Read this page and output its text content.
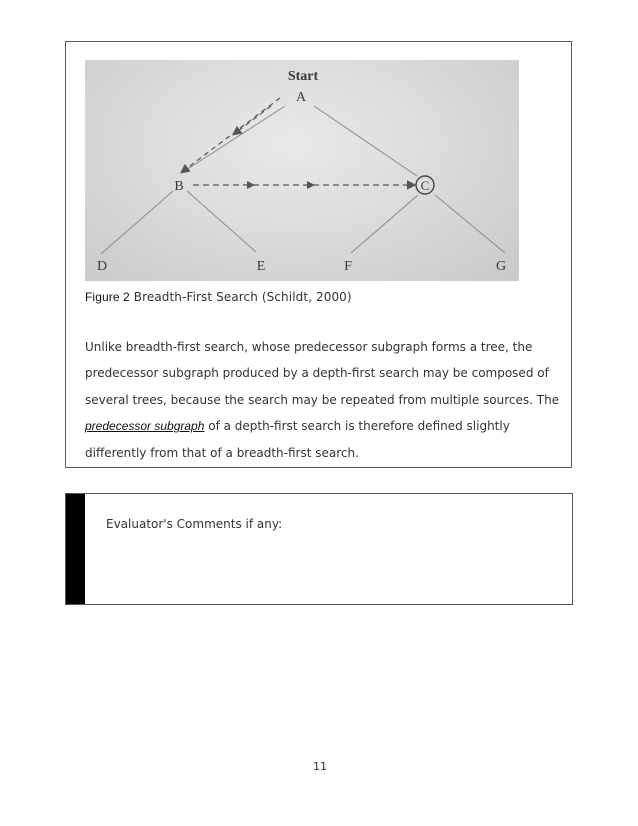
Start
A
B	C
D	E	F	G
Figure 2 Breadth-First Search (Schildt, 2000)
Unlike breadth-first search, whose predecessor subgraph forms a tree, the
predecessor subgraph produced by a depth-first search may be composed of
several trees, because the search may be repeated from multiple sources. The
predecessor subgraph of a depth-first search is therefore defined slightly
differently from that of a breadth-first search.
Evaluator's Comments if any:
11
